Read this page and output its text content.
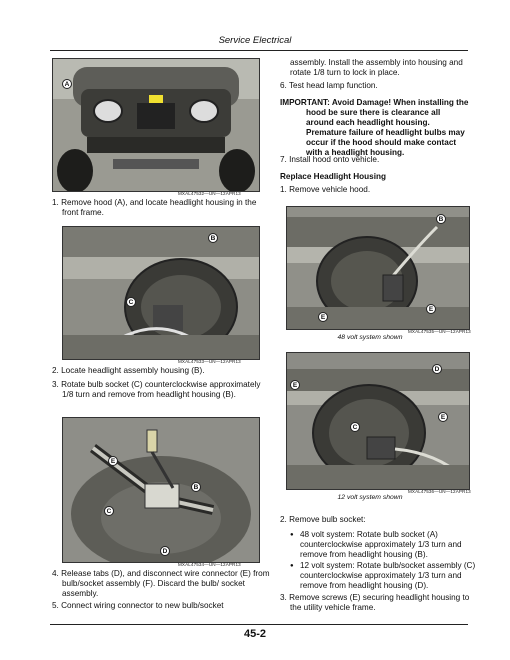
Service Electrical
A
MXAL47532—UN—12APR13
1. Remove hood (A), and locate headlight housing in the front frame.
B
C
MXAL47533—UN—12APR13
2. Locate headlight assembly housing (B).
3. Rotate bulb socket (C) counterclockwise approximately 1/8 turn and remove from headlight housing (B).
E
B
C
D
MXAL47534—UN—12APR13
4. Release tabs (D), and disconnect wire connector (E) from bulb/socket assembly (F). Discard the bulb/ socket assembly.
5. Connect wiring connector to new bulb/socket
assembly. Install the assembly into housing and rotate 1/8 turn to lock in place.
6. Test head lamp function.
IMPORTANT: Avoid Damage! When installing the
hood be sure there is clearance all around each headlight housing. Premature failure of headlight bulbs may occur if the hood should make contact with a headlight housing.
7. Install hood onto vehicle.
Replace Headlight Housing
1. Remove vehicle hood.
B
E
E
MXAL47535—UN—12APR13
48 volt system shown
D
E
C
E
MXAL47536—UN—12APR13
12 volt system shown
2. Remove bulb socket:
● 48 volt system: Rotate bulb socket (A) counterclockwise approximately 1/3 turn and remove from headlight housing (B).
● 12 volt system: Rotate bulb/socket assembly (C) counterclockwise approximately 1/3 turn and remove from headlight housing (D).
3. Remove screws (E) securing headlight housing to the utility vehicle frame.
45-2
